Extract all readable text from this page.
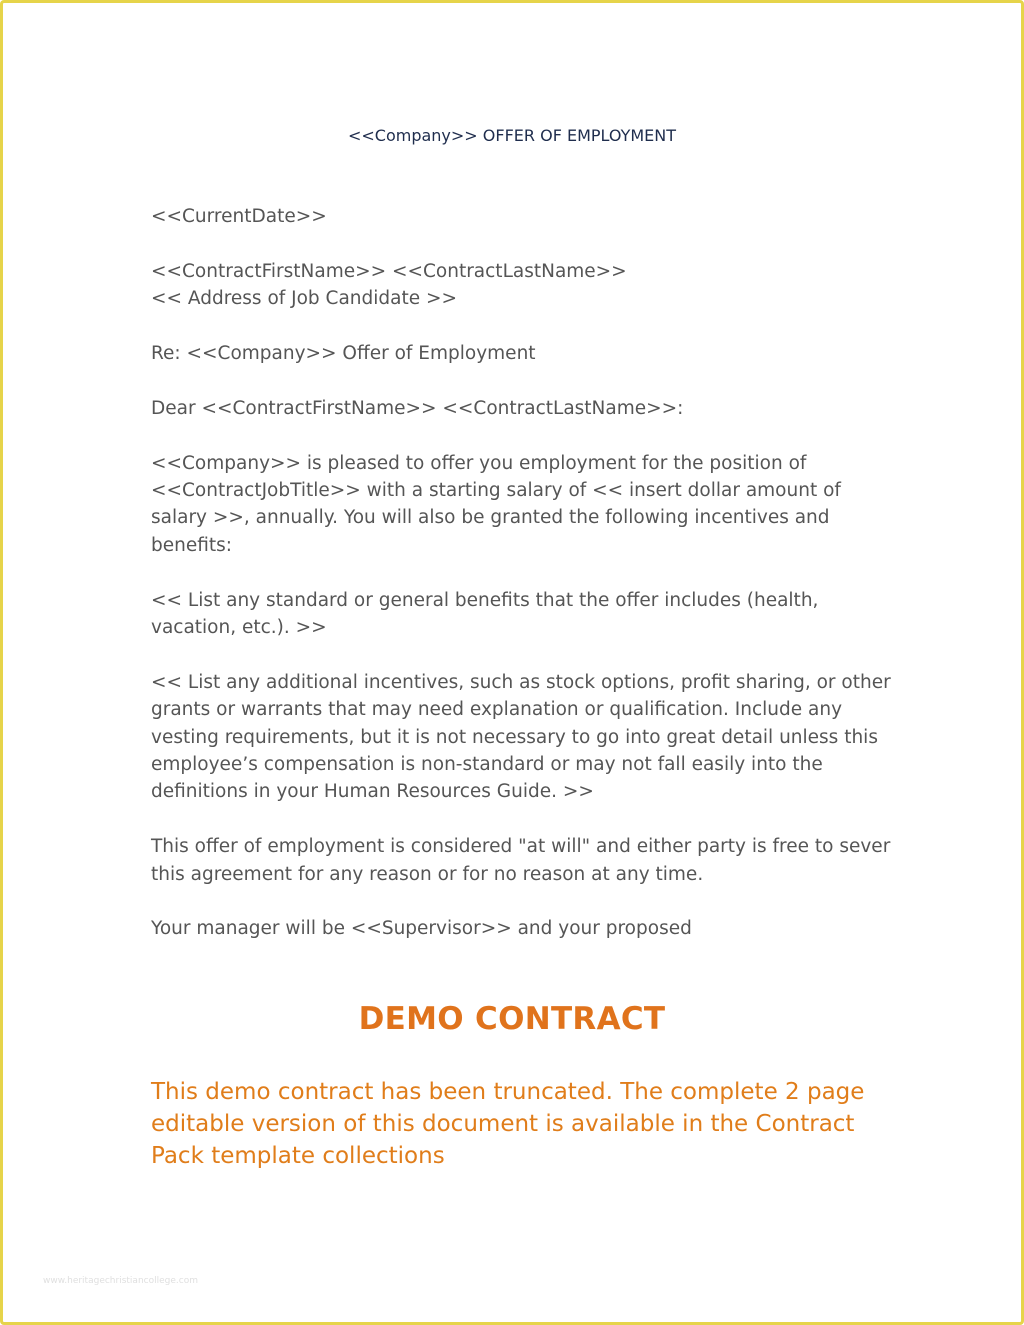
<<Company>> OFFER OF EMPLOYMENT

<<CurrentDate>>

<<ContractFirstName>> <<ContractLastName>>
<< Address of Job Candidate >>

Re: <<Company>> Offer of Employment

Dear <<ContractFirstName>> <<ContractLastName>>:

<<Company>> is pleased to offer you employment for the position of <<ContractJobTitle>> with a starting salary of << insert dollar amount of salary >>, annually. You will also be granted the following incentives and benefits:

<< List any standard or general benefits that the offer includes (health, vacation, etc.). >>

<< List any additional incentives, such as stock options, profit sharing, or other grants or warrants that may need explanation or qualification. Include any vesting requirements, but it is not necessary to go into great detail unless this employee’s compensation is non-standard or may not fall easily into the definitions in your Human Resources Guide. >>

This offer of employment is considered "at will" and either party is free to sever this agreement for any reason or for no reason at any time.

Your manager will be <<Supervisor>> and your proposed

DEMO CONTRACT

This demo contract has been truncated. The complete 2 page editable version of this document is available in the Contract Pack template collections

www.heritagechristiancollege.com
